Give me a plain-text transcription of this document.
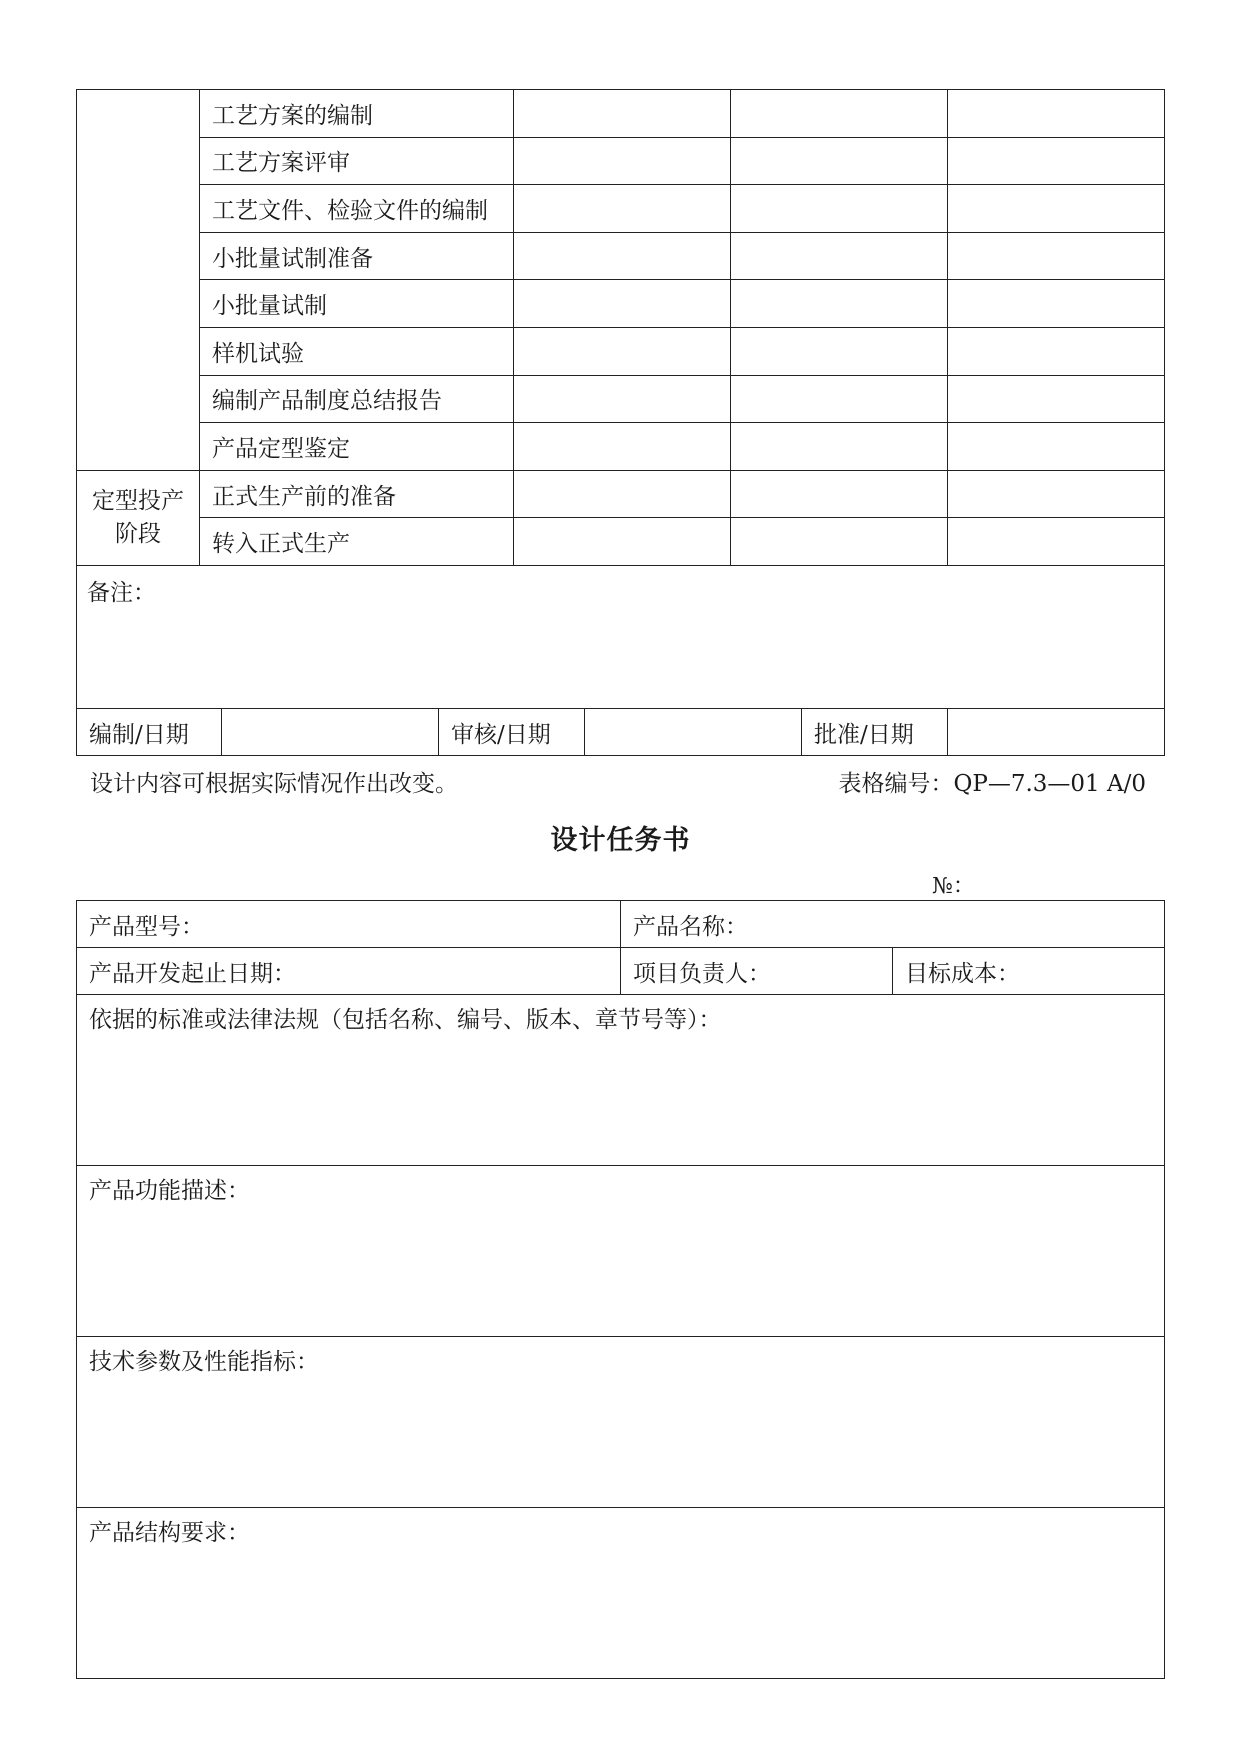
	工艺方案的编制			
	工艺方案评审			
	工艺文件、检验文件的编制			
	小批量试制准备			
	小批量试制			
	样机试验			
	编制产品制度总结报告			
	产品定型鉴定			

定型投产阶段	正式生产前的准备			
	转入正式生产			
备注：				
编制/日期		审核/日期		批准/日期	
设计内容可根据实际情况作出改变。	表格编号：QP—7.3—01 A/0
设计任务书
№：
产品型号：	产品名称：	
产品开发起止日期：	项目负责人：	目标成本：
依据的标准或法律法规（包括名称、编号、版本、章节号等）：		
产品功能描述：		
技术参数及性能指标：		
产品结构要求：		
